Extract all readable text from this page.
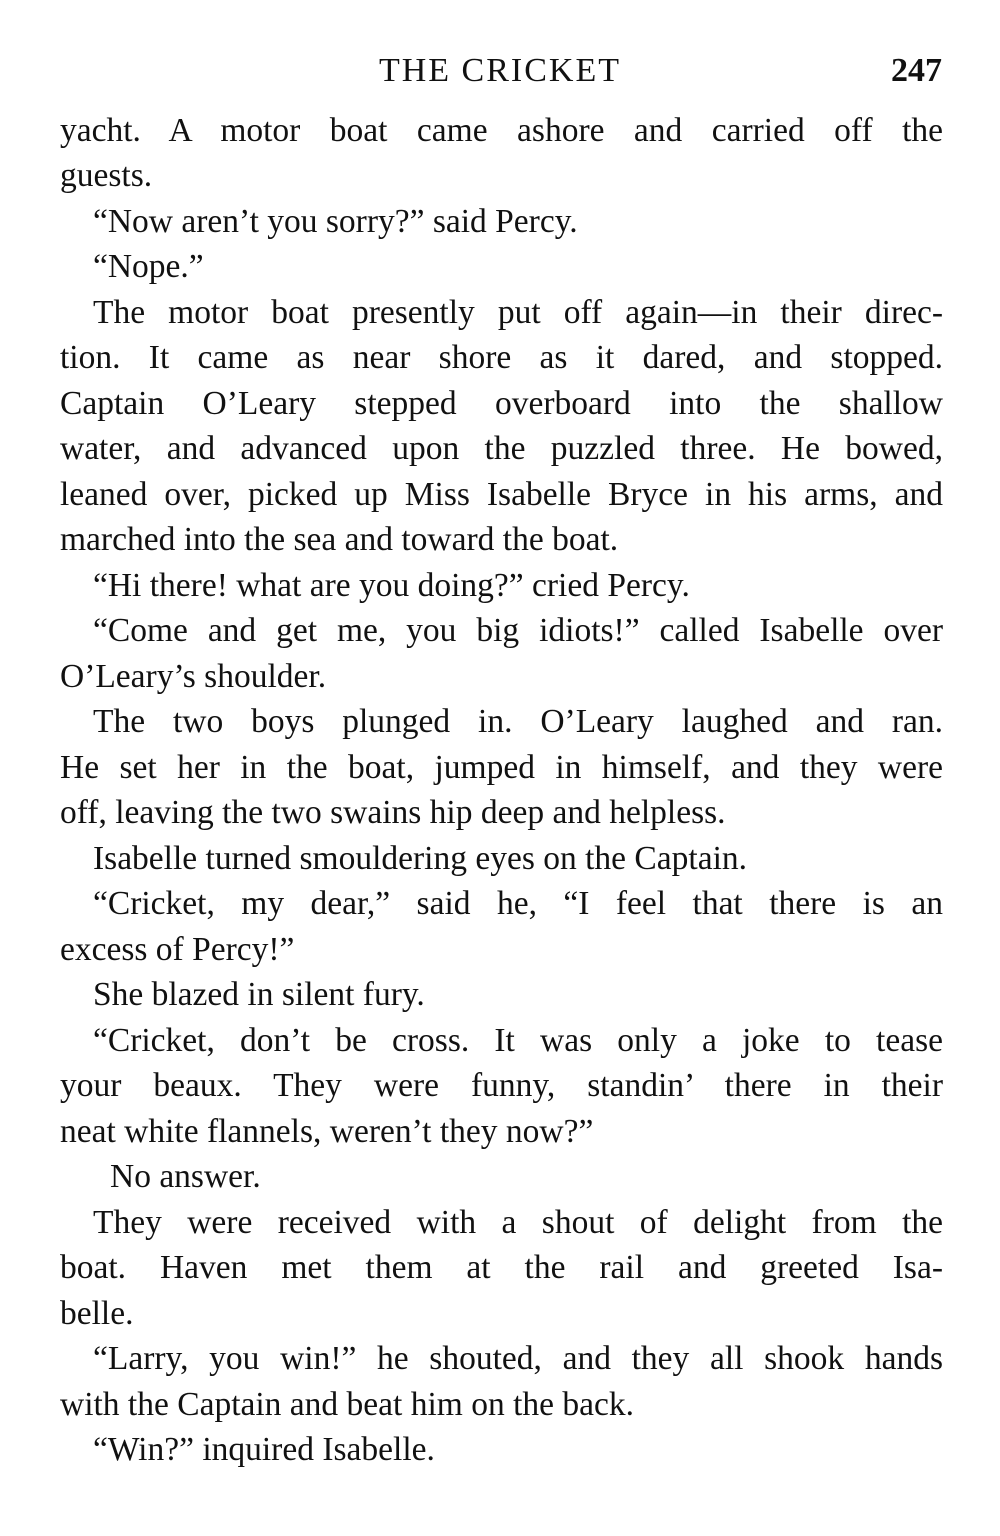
THE CRICKET	247
yacht. A motor boat came ashore and carried off the
guests.
“Now aren’t you sorry?” said Percy.
“Nope.”
The motor boat presently put off again—in their direc-
tion. It came as near shore as it dared, and stopped.
Captain O’Leary stepped overboard into the shallow
water, and advanced upon the puzzled three. He bowed,
leaned over, picked up Miss Isabelle Bryce in his arms, and
marched into the sea and toward the boat.
“Hi there! what are you doing?” cried Percy.
“Come and get me, you big idiots!” called Isabelle over
O’Leary’s shoulder.
The two boys plunged in. O’Leary laughed and ran.
He set her in the boat, jumped in himself, and they were
off, leaving the two swains hip deep and helpless.
Isabelle turned smouldering eyes on the Captain.
“Cricket, my dear,” said he, “I feel that there is an
excess of Percy!”
She blazed in silent fury.
“Cricket, don’t be cross. It was only a joke to tease
your beaux. They were funny, standin’ there in their
neat white flannels, weren’t they now?”
No answer.
They were received with a shout of delight from the
boat. Haven met them at the rail and greeted Isa-
belle.
“Larry, you win!” he shouted, and they all shook hands
with the Captain and beat him on the back.
“Win?” inquired Isabelle.
